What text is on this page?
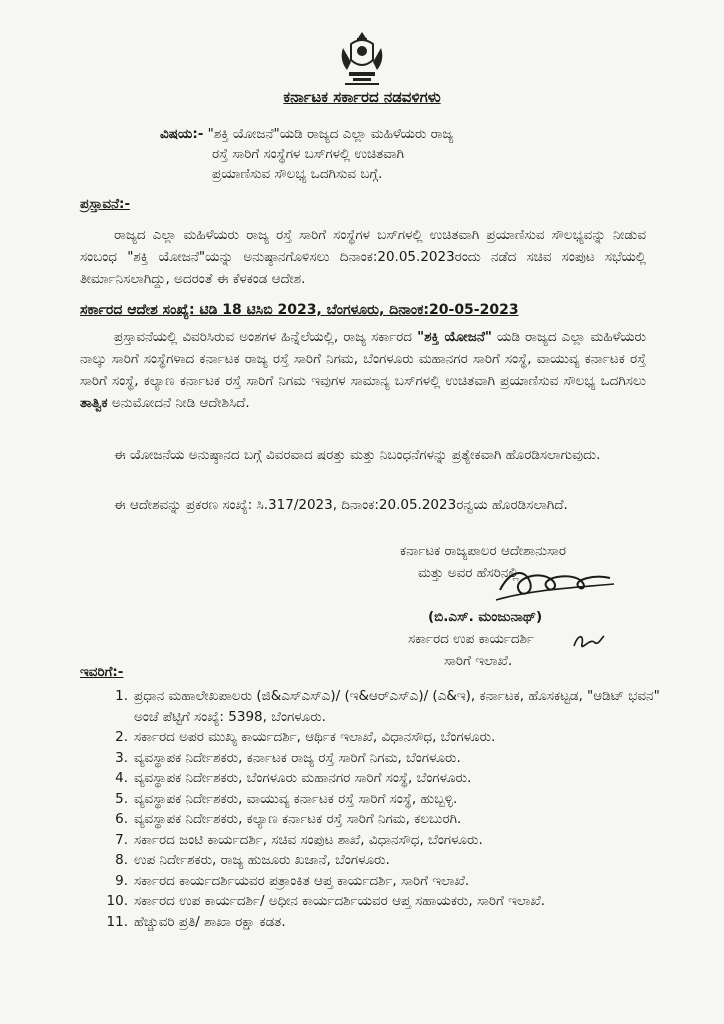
ಕರ್ನಾಟಕ ಸರ್ಕಾರದ ನಡವಳಿಗಳು
ವಿಷಯ:- "ಶಕ್ತಿ ಯೋಜನೆ"ಯಡಿ ರಾಜ್ಯದ ಎಲ್ಲಾ ಮಹಿಳೆಯರು ರಾಜ್ಯ
ರಸ್ತೆ ಸಾರಿಗೆ ಸಂಸ್ಥೆಗಳ ಬಸ್‌ಗಳಲ್ಲಿ ಉಚಿತವಾಗಿ
ಪ್ರಯಾಣಿಸುವ ಸೌಲಭ್ಯ ಒದಗಿಸುವ ಬಗ್ಗೆ.
ಪ್ರಸ್ತಾವನೆ:-
ರಾಜ್ಯದ ಎಲ್ಲಾ ಮಹಿಳೆಯರು ರಾಜ್ಯ ರಸ್ತೆ ಸಾರಿಗೆ ಸಂಸ್ಥೆಗಳ ಬಸ್‌ಗಳಲ್ಲಿ ಉಚಿತವಾಗಿ ಪ್ರಯಾಣಿಸುವ ಸೌಲಭ್ಯವನ್ನು ನೀಡುವ ಸಂಬಂಧ "ಶಕ್ತಿ ಯೋಜನೆ"ಯನ್ನು ಅನುಷ್ಠಾನಗೊಳಿಸಲು ದಿನಾಂಕ:20.05.2023ರಂದು ನಡೆದ ಸಚಿವ ಸಂಪುಟ ಸಭೆಯಲ್ಲಿ ತೀರ್ಮಾನಿಸಲಾಗಿದ್ದು, ಅದರಂತೆ ಈ ಕೆಳಕಂಡ ಆದೇಶ.
ಸರ್ಕಾರದ ಆದೇಶ ಸಂಖ್ಯೆ: ಟಿಡಿ 18 ಟಿಸಿಬಿ 2023, ಬೆಂಗಳೂರು, ದಿನಾಂಕ:20-05-2023
ಪ್ರಸ್ತಾವನೆಯಲ್ಲಿ ವಿವರಿಸಿರುವ ಅಂಶಗಳ ಹಿನ್ನೆಲೆಯಲ್ಲಿ, ರಾಜ್ಯ ಸರ್ಕಾರದ "ಶಕ್ತಿ ಯೋಜನೆ" ಯಡಿ ರಾಜ್ಯದ ಎಲ್ಲಾ ಮಹಿಳೆಯರು ನಾಲ್ಕು ಸಾರಿಗೆ ಸಂಸ್ಥೆಗಳಾದ ಕರ್ನಾಟಕ ರಾಜ್ಯ ರಸ್ತೆ ಸಾರಿಗೆ ನಿಗಮ, ಬೆಂಗಳೂರು ಮಹಾನಗರ ಸಾರಿಗೆ ಸಂಸ್ಥೆ, ವಾಯುವ್ಯ ಕರ್ನಾಟಕ ರಸ್ತೆ ಸಾರಿಗೆ ಸಂಸ್ಥೆ, ಕಲ್ಯಾಣ ಕರ್ನಾಟಕ ರಸ್ತೆ ಸಾರಿಗೆ ನಿಗಮ ಇವುಗಳ ಸಾಮಾನ್ಯ ಬಸ್‌ಗಳಲ್ಲಿ ಉಚಿತವಾಗಿ ಪ್ರಯಾಣಿಸುವ ಸೌಲಭ್ಯ ಒದಗಿಸಲು ತಾತ್ವಿಕ ಅನುಮೋದನೆ ನೀಡಿ ಆದೇಶಿಸಿದೆ.
ಈ ಯೋಜನೆಯ ಅನುಷ್ಠಾನದ ಬಗ್ಗೆ ವಿವರವಾದ ಷರತ್ತು ಮತ್ತು ನಿಬಂಧನೆಗಳನ್ನು ಪ್ರತ್ಯೇಕವಾಗಿ ಹೊರಡಿಸಲಾಗುವುದು.
ಈ ಆದೇಶವನ್ನು ಪ್ರಕರಣ ಸಂಖ್ಯೆ: ಸಿ.317/2023, ದಿನಾಂಕ:20.05.2023ರನ್ವಯ ಹೊರಡಿಸಲಾಗಿದೆ.
ಕರ್ನಾಟಕ ರಾಜ್ಯಪಾಲರ ಆದೇಶಾನುಸಾರ
ಮತ್ತು ಅವರ ಹೆಸರಿನಲ್ಲಿ
(ಬಿ.ಎಸ್. ಮಂಜುನಾಥ್)
ಸರ್ಕಾರದ ಉಪ ಕಾರ್ಯದರ್ಶಿ
ಸಾರಿಗೆ ಇಲಾಖೆ.
ಇವರಿಗೆ:-
1. ಪ್ರಧಾನ ಮಹಾಲೇಖಪಾಲರು (ಜಿ&ಎಸ್‌ಎಸ್‌ಎ)/ (ಇ&ಆರ್‌ಎಸ್‌ಎ)/ (ಎ&ಇ), ಕರ್ನಾಟಕ, ಹೊಸಕಟ್ಟಡ, "ಆಡಿಟ್ ಭವನ" ಅಂಚೆ ಪೆಟ್ಟಿಗೆ ಸಂಖ್ಯೆ: 5398, ಬೆಂಗಳೂರು.
2. ಸರ್ಕಾರದ ಅಪರ ಮುಖ್ಯ ಕಾರ್ಯದರ್ಶಿ, ಆರ್ಥಿಕ ಇಲಾಖೆ, ವಿಧಾನಸೌಧ, ಬೆಂಗಳೂರು.
3. ವ್ಯವಸ್ಥಾಪಕ ನಿರ್ದೇಶಕರು, ಕರ್ನಾಟಕ ರಾಜ್ಯ ರಸ್ತೆ ಸಾರಿಗೆ ನಿಗಮ, ಬೆಂಗಳೂರು.
4. ವ್ಯವಸ್ಥಾಪಕ ನಿರ್ದೇಶಕರು, ಬೆಂಗಳೂರು ಮಹಾನಗರ ಸಾರಿಗೆ ಸಂಸ್ಥೆ, ಬೆಂಗಳೂರು.
5. ವ್ಯವಸ್ಥಾಪಕ ನಿರ್ದೇಶಕರು, ವಾಯುವ್ಯ ಕರ್ನಾಟಕ ರಸ್ತೆ ಸಾರಿಗೆ ಸಂಸ್ಥೆ, ಹುಬ್ಬಳ್ಳಿ.
6. ವ್ಯವಸ್ಥಾಪಕ ನಿರ್ದೇಶಕರು, ಕಲ್ಯಾಣ ಕರ್ನಾಟಕ ರಸ್ತೆ ಸಾರಿಗೆ ನಿಗಮ, ಕಲಬುರಗಿ.
7. ಸರ್ಕಾರದ ಜಂಟಿ ಕಾರ್ಯದರ್ಶಿ, ಸಚಿವ ಸಂಪುಟ ಶಾಖೆ, ವಿಧಾನಸೌಧ, ಬೆಂಗಳೂರು.
8. ಉಪ ನಿರ್ದೇಶಕರು, ರಾಜ್ಯ ಹುಜೂರು ಖಜಾನೆ, ಬೆಂಗಳೂರು.
9. ಸರ್ಕಾರದ ಕಾರ್ಯದರ್ಶಿಯವರ ಪತ್ರಾಂಕಿತ ಆಪ್ತ ಕಾರ್ಯದರ್ಶಿ, ಸಾರಿಗೆ ಇಲಾಖೆ.
10. ಸರ್ಕಾರದ ಉಪ ಕಾರ್ಯದರ್ಶಿ/ ಅಧೀನ ಕಾರ್ಯದರ್ಶಿಯವರ ಆಪ್ತ ಸಹಾಯಕರು, ಸಾರಿಗೆ ಇಲಾಖೆ.
11. ಹೆಚ್ಚುವರಿ ಪ್ರತಿ/ ಶಾಖಾ ರಕ್ಷಾ ಕಡತ.
